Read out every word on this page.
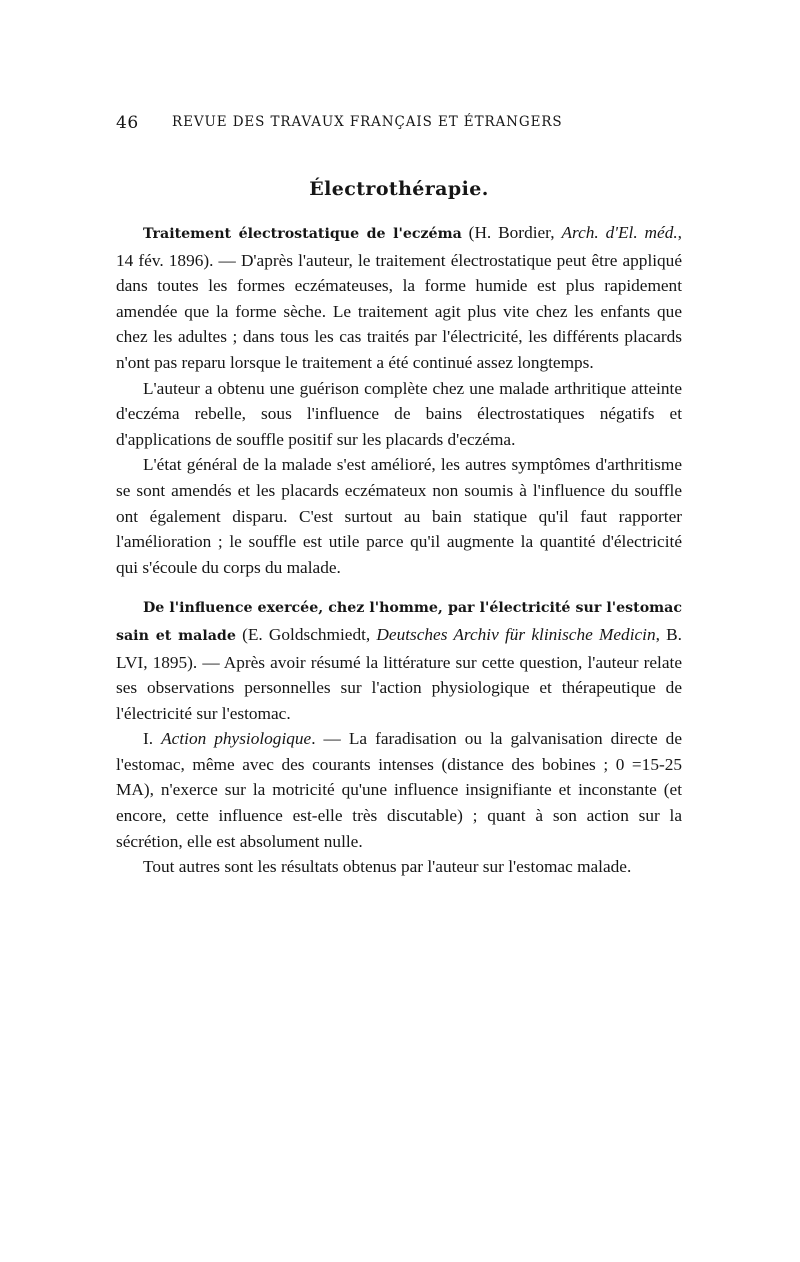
46 REVUE DES TRAVAUX FRANÇAIS ET ÉTRANGERS
Électrothérapie.

Traitement électrostatique de l'eczéma (H. Bordier, Arch. d'El. méd., 14 fév. 1896). — D'après l'auteur, le traitement électrostatique peut être appliqué dans toutes les formes eczémateuses, la forme humide est plus rapidement amendée que la forme sèche. Le traitement agit plus vite chez les enfants que chez les adultes ; dans tous les cas traités par l'électricité, les différents placards n'ont pas reparu lorsque le traitement a été continué assez longtemps.

L'auteur a obtenu une guérison complète chez une malade arthritique atteinte d'eczéma rebelle, sous l'influence de bains électrostatiques négatifs et d'applications de souffle positif sur les placards d'eczéma.

L'état général de la malade s'est amélioré, les autres symptômes d'arthritisme se sont amendés et les placards eczémateux non soumis à l'influence du souffle ont également disparu. C'est surtout au bain statique qu'il faut rapporter l'amélioration ; le souffle est utile parce qu'il augmente la quantité d'électricité qui s'écoule du corps du malade.

De l'influence exercée, chez l'homme, par l'électricité sur l'estomac sain et malade (E. Goldschmiedt, Deutsches Archiv für klinische Medicin, B. LVI, 1895). — Après avoir résumé la littérature sur cette question, l'auteur relate ses observations personnelles sur l'action physiologique et thérapeutique de l'électricité sur l'estomac.

I. Action physiologique. — La faradisation ou la galvanisation directe de l'estomac, même avec des courants intenses (distance des bobines ; 0 =15-25 MA), n'exerce sur la motricité qu'une influence insignifiante et inconstante (et encore, cette influence est-elle très discutable) ; quant à son action sur la sécrétion, elle est absolument nulle.

Tout autres sont les résultats obtenus par l'auteur sur l'estomac malade.
